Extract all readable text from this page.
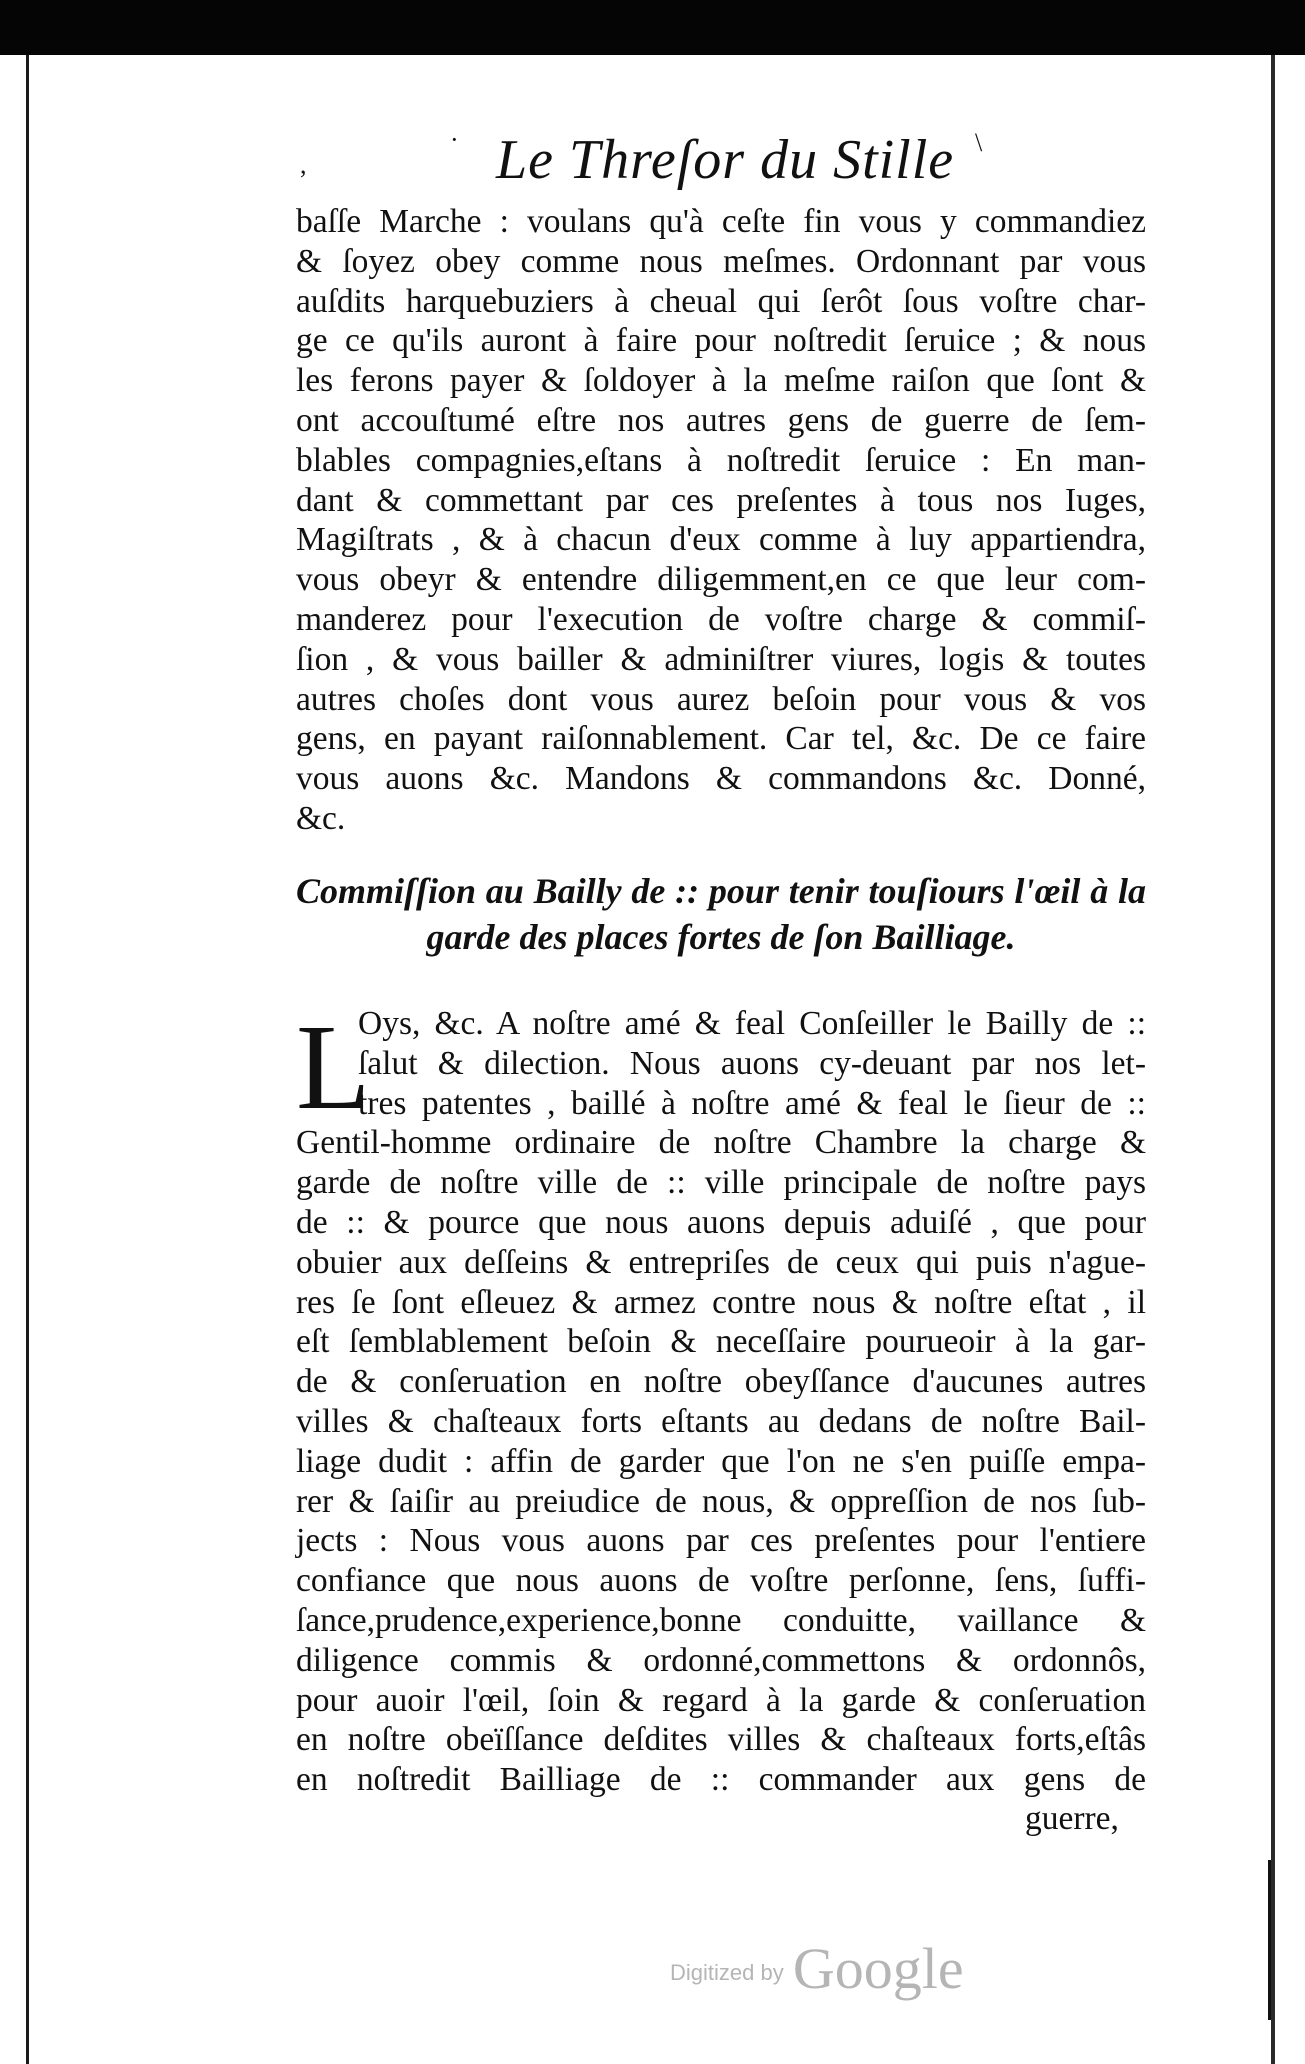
,
·	\
Le Threſor du Stille
baſſe Marche : voulans qu'à ceſte fin vous y commandiez
& ſoyez obey comme nous meſmes. Ordonnant par vous
auſdits harquebuziers à cheual qui ſerôt ſous voſtre char-
ge ce qu'ils auront à faire pour noſtredit ſeruice ; & nous
les ferons payer & ſoldoyer à la meſme raiſon que ſont &
ont accouſtumé eſtre nos autres gens de guerre de ſem-
blables compagnies,eſtans à noſtredit ſeruice : En man-
dant & commettant par ces preſentes à tous nos Iuges,
Magiſtrats , & à chacun d'eux comme à luy appartiendra,
vous obeyr & entendre diligemment,en ce que leur com-
manderez pour l'execution de voſtre charge & commiſ-
ſion , & vous bailler & adminiſtrer viures, logis & toutes
autres choſes dont vous aurez beſoin pour vous & vos
gens, en payant raiſonnablement. Car tel, &c. De ce faire
vous auons &c. Mandons & commandons &c. Donné,
&c.
Commiſſion au Bailly de :: pour tenir touſiours l'œil à la
garde des places fortes de ſon Bailliage.
L
Oys, &c. A noſtre amé & feal Conſeiller le Bailly de ::
ſalut & dilection. Nous auons cy-deuant par nos let-
tres patentes , baillé à noſtre amé & feal le ſieur de ::
Gentil-homme ordinaire de noſtre Chambre la charge &
garde de noſtre ville de :: ville principale de noſtre pays
de :: & pource que nous auons depuis aduiſé , que pour
obuier aux deſſeins & entrepriſes de ceux qui puis n'ague-
res ſe ſont eſleuez & armez contre nous & noſtre eſtat , il
eſt ſemblablement beſoin & neceſſaire pourueoir à la gar-
de & conſeruation en noſtre obeyſſance d'aucunes autres
villes & chaſteaux forts eſtants au dedans de noſtre Bail-
liage dudit : affin de garder que l'on ne s'en puiſſe empa-
rer & ſaiſir au preiudice de nous, & oppreſſion de nos ſub-
jects : Nous vous auons par ces preſentes pour l'entiere
confiance que nous auons de voſtre perſonne, ſens, ſuffi-
ſance,prudence,experience,bonne conduitte, vaillance &
diligence commis & ordonné,commettons & ordonnôs,
pour auoir l'œil, ſoin & regard à la garde & conſeruation
en noſtre obeïſſance deſdites villes & chaſteaux forts,eſtâs
en noſtredit Bailliage de :: commander aux gens de
guerre,
Digitized by Google
